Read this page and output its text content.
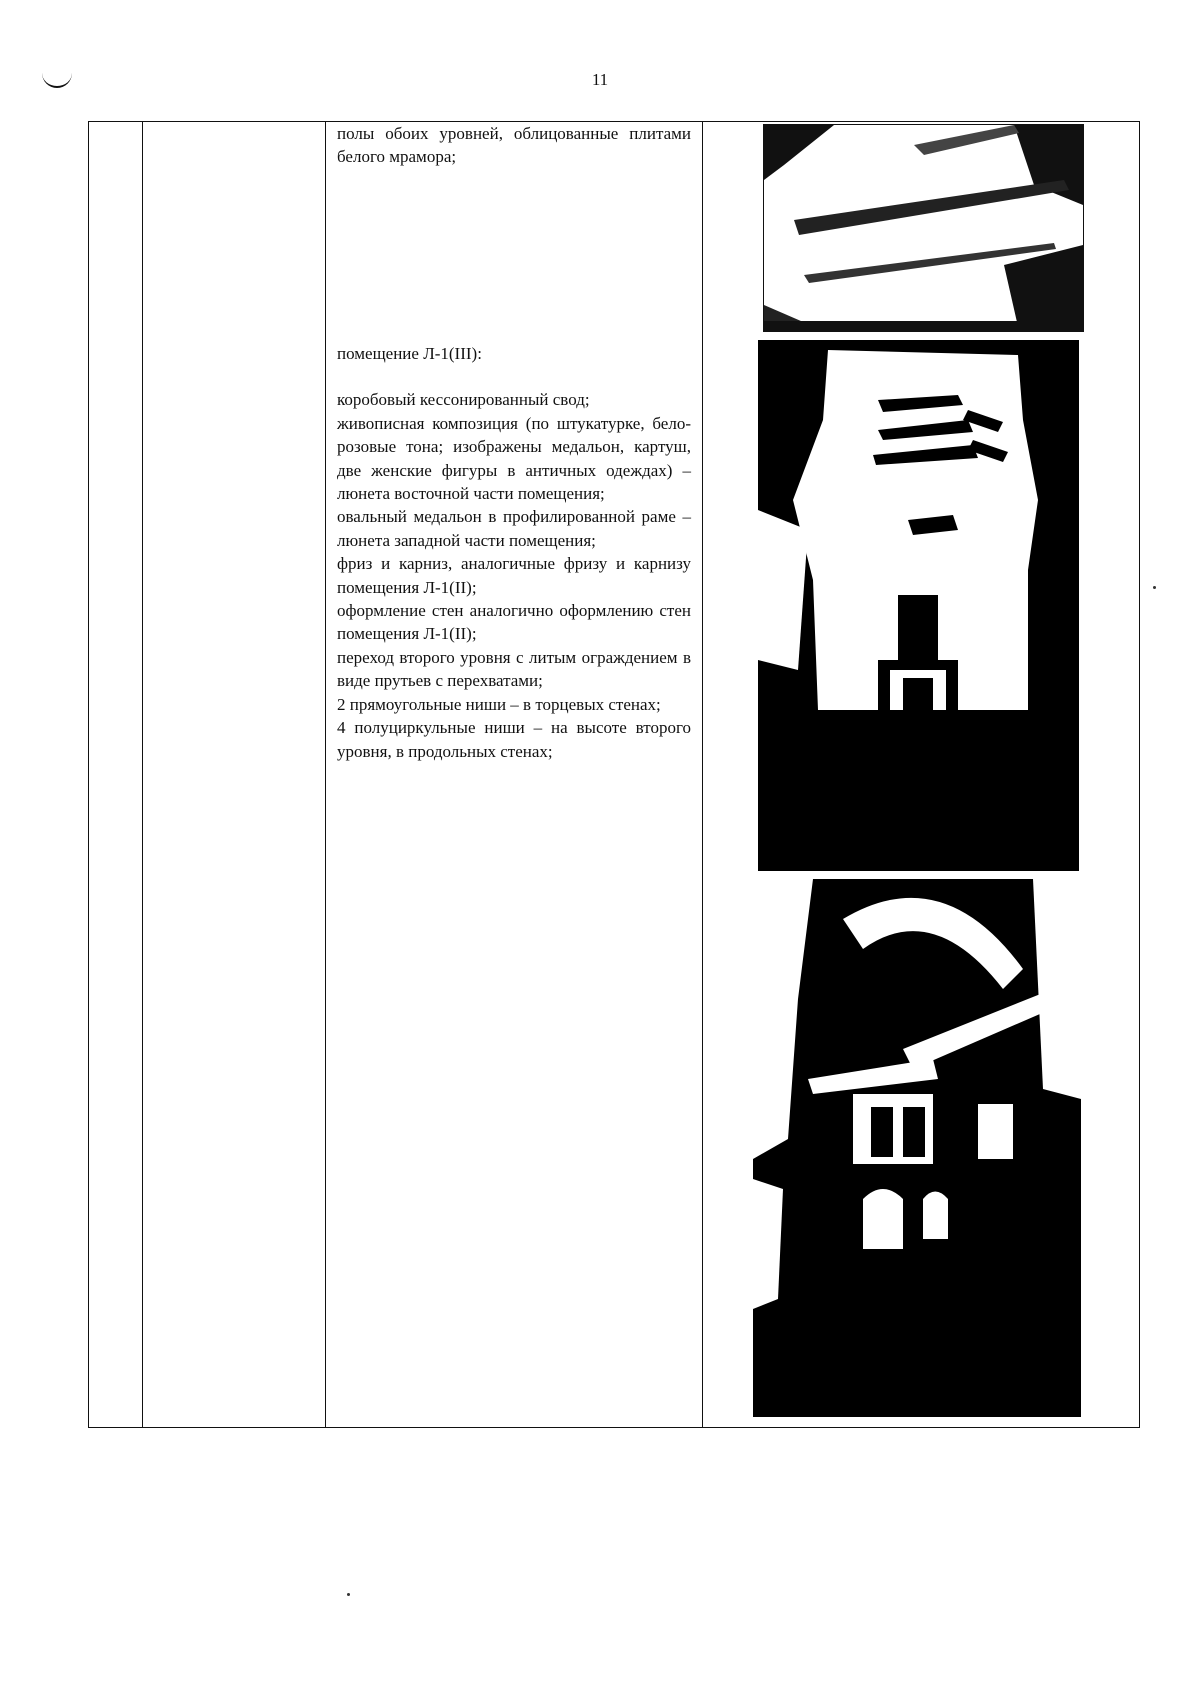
11

полы обоих уровней, облицованные плитами белого мрамора;

помещение Л-1(III):

коробовый кессонированный свод;

живописная композиция (по штукатурке, бело-розовые тона; изображены медальон, картуш, две женские фигуры в античных одеждах) – люнета восточной части помещения;

овальный медальон в профилированной раме – люнета западной части помещения;

фриз и карниз, аналогичные фризу и карнизу помещения Л-1(II);

оформление стен аналогично оформлению стен помещения Л-1(II);

переход второго уровня с литым ограждением в виде прутьев с перехватами;

2 прямоугольные ниши – в торцевых стенах;

4 полуциркульные ниши – на высоте второго уровня, в продольных стенах;
